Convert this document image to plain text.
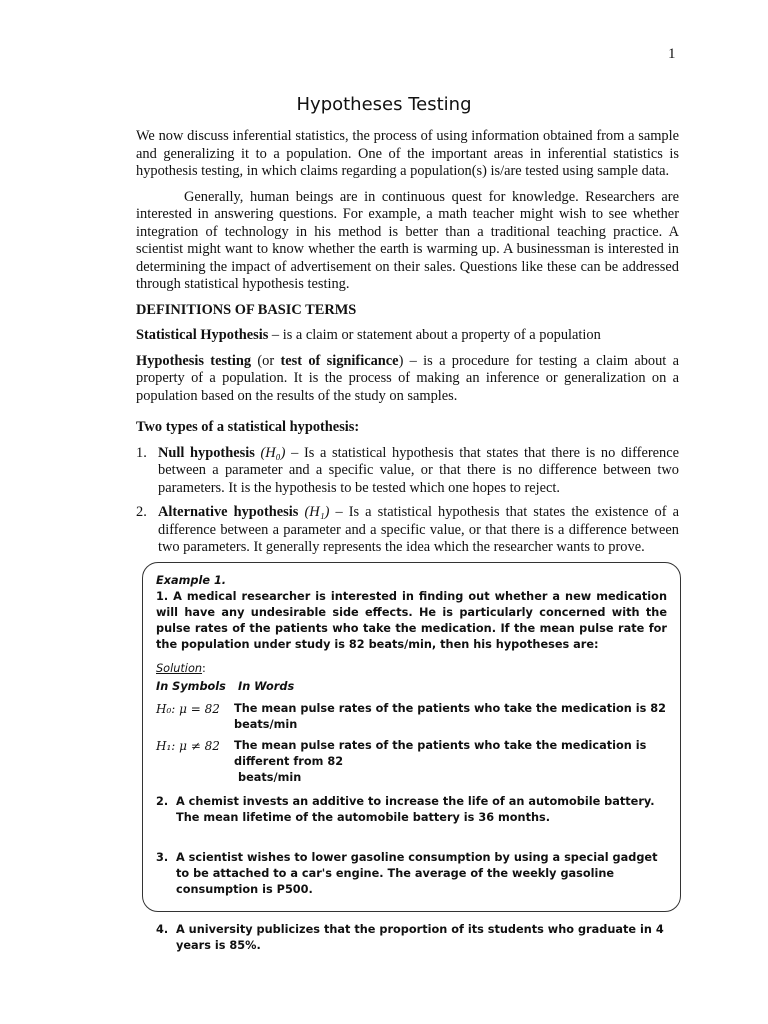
1
Hypotheses Testing

We now discuss inferential statistics, the process of using information obtained from a sample and generalizing it to a population. One of the important areas in inferential statistics is hypothesis testing, in which claims regarding a population(s) is/are tested using sample data.

Generally, human beings are in continuous quest for knowledge. Researchers are interested in answering questions. For example, a math teacher might wish to see whether integration of technology in his method is better than a traditional teaching practice. A scientist might want to know whether the earth is warming up. A businessman is interested in determining the impact of advertisement on their sales. Questions like these can be addressed through statistical hypothesis testing.

DEFINITIONS OF BASIC TERMS

Statistical Hypothesis – is a claim or statement about a property of a population

Hypothesis testing (or test of significance) – is a procedure for testing a claim about a property of a population. It is the process of making an inference or generalization on a population based on the results of the study on samples.

Two types of a statistical hypothesis:
1. Null hypothesis (H₀) – Is a statistical hypothesis that states that there is no difference between a parameter and a specific value, or that there is no difference between two parameters. It is the hypothesis to be tested which one hopes to reject.
2. Alternative hypothesis (H₁) – Is a statistical hypothesis that states the existence of a difference between a parameter and a specific value, or that there is a difference between two parameters. It generally represents the idea which the researcher wants to prove.
Example 1.

1. A medical researcher is interested in finding out whether a new medication will have any undesirable side effects. He is particularly concerned with the pulse rates of the patients who take the medication. If the mean pulse rate for the population under study is 82 beats/min, then his hypotheses are:

Solution:
In Symbols	In Words
H₀: μ = 82	The mean pulse rates of the patients who take the medication is 82 beats/min
H₁: μ ≠ 82	The mean pulse rates of the patients who take the medication is different from 82
beats/min
2. A chemist invests an additive to increase the life of an automobile battery. The mean lifetime of the automobile battery is 36 months.
3. A scientist wishes to lower gasoline consumption by using a special gadget to be attached to a car's engine. The average of the weekly gasoline consumption is P500.
4. A university publicizes that the proportion of its students who graduate in 4 years is 85%.
